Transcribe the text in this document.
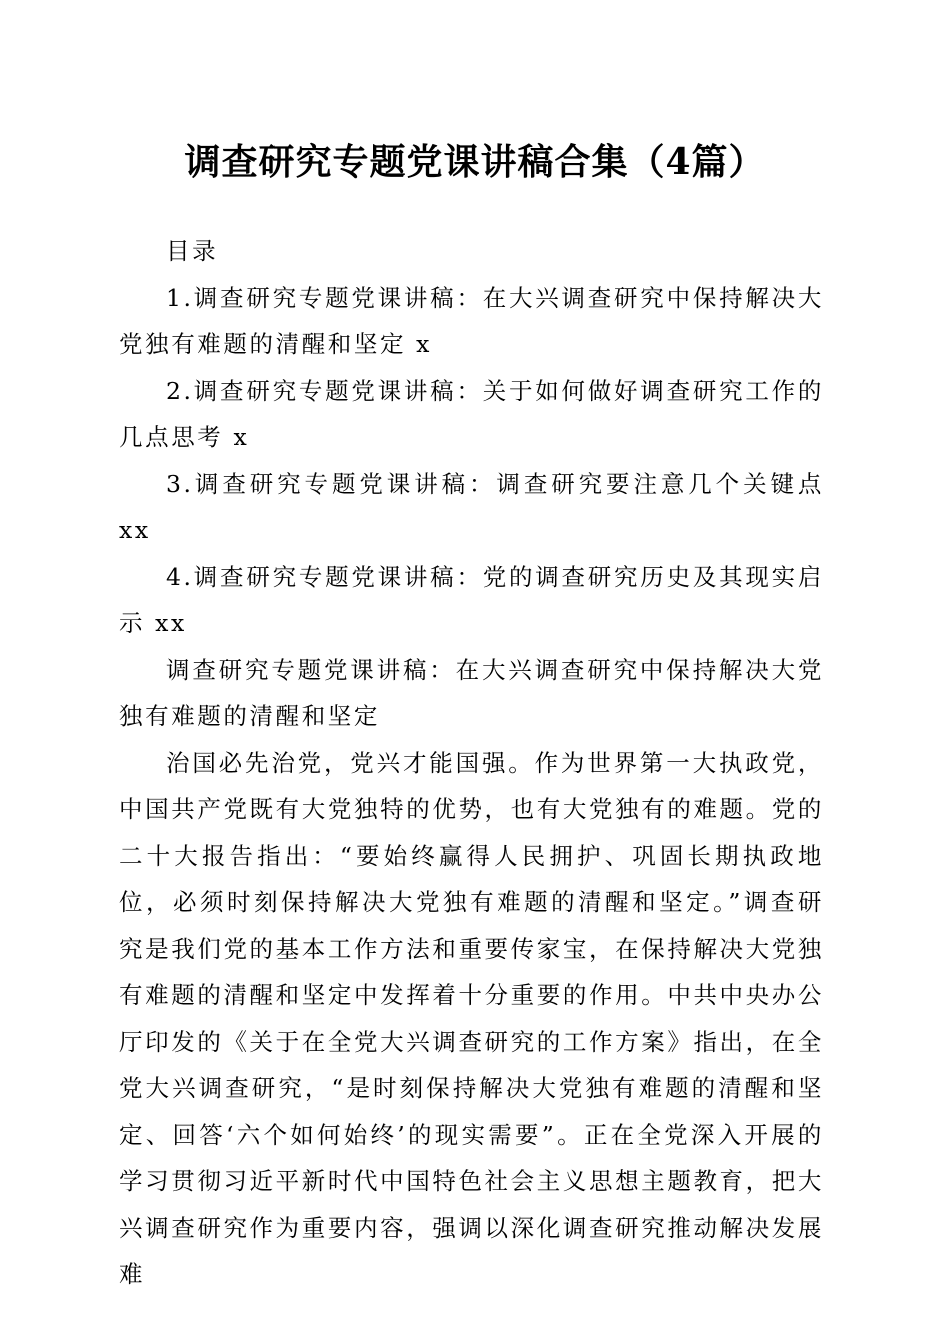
调查研究专题党课讲稿合集（4篇）

目录

1.调查研究专题党课讲稿：在大兴调查研究中保持解决大党独有难题的清醒和坚定 x

2.调查研究专题党课讲稿：关于如何做好调查研究工作的几点思考 x

3.调查研究专题党课讲稿：调查研究要注意几个关键点 xx

4.调查研究专题党课讲稿：党的调查研究历史及其现实启示 xx

调查研究专题党课讲稿：在大兴调查研究中保持解决大党独有难题的清醒和坚定

治国必先治党，党兴才能国强。作为世界第一大执政党，中国共产党既有大党独特的优势，也有大党独有的难题。党的二十大报告指出：“要始终赢得人民拥护、巩固长期执政地位，必须时刻保持解决大党独有难题的清醒和坚定。”调查研究是我们党的基本工作方法和重要传家宝，在保持解决大党独有难题的清醒和坚定中发挥着十分重要的作用。中共中央办公厅印发的《关于在全党大兴调查研究的工作方案》指出，在全党大兴调查研究，“是时刻保持解决大党独有难题的清醒和坚定、回答‘六个如何始终’的现实需要”。正在全党深入开展的学习贯彻习近平新时代中国特色社会主义思想主题教育，把大兴调查研究作为重要内容，强调以深化调查研究推动解决发展难
